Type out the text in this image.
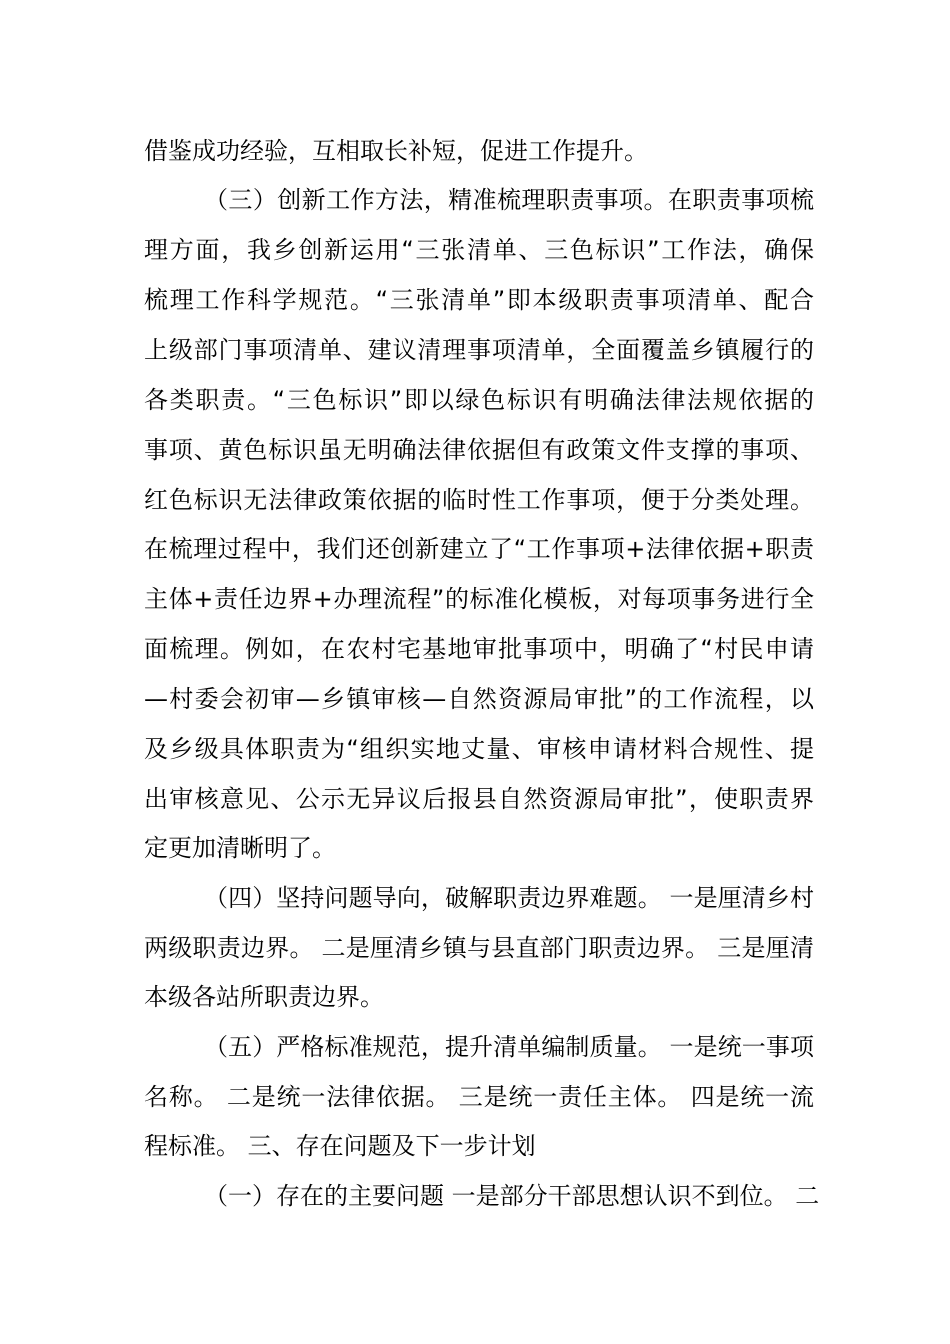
借鉴成功经验，互相取长补短，促进工作提升。
（三）创新工作方法，精准梳理职责事项。在职责事项梳
理方面，我乡创新运用“三张清单、三色标识”工作法，确保
梳理工作科学规范。“三张清单”即本级职责事项清单、配合
上级部门事项清单、建议清理事项清单，全面覆盖乡镇履行的
各类职责。“三色标识”即以绿色标识有明确法律法规依据的
事项、黄色标识虽无明确法律依据但有政策文件支撑的事项、
红色标识无法律政策依据的临时性工作事项，便于分类处理。
在梳理过程中，我们还创新建立了“工作事项+法律依据+职责
主体+责任边界+办理流程”的标准化模板，对每项事务进行全
面梳理。例如，在农村宅基地审批事项中，明确了“村民申请
—村委会初审—乡镇审核—自然资源局审批”的工作流程，以
及乡级具体职责为“组织实地丈量、审核申请材料合规性、提
出审核意见、公示无异议后报县自然资源局审批”，使职责界
定更加清晰明了。
（四）坚持问题导向，破解职责边界难题。 一是厘清乡村
两级职责边界。 二是厘清乡镇与县直部门职责边界。 三是厘清
本级各站所职责边界。
（五）严格标准规范，提升清单编制质量。 一是统一事项
名称。 二是统一法律依据。 三是统一责任主体。 四是统一流
程标准。 三、存在问题及下一步计划
（一）存在的主要问题 一是部分干部思想认识不到位。 二
